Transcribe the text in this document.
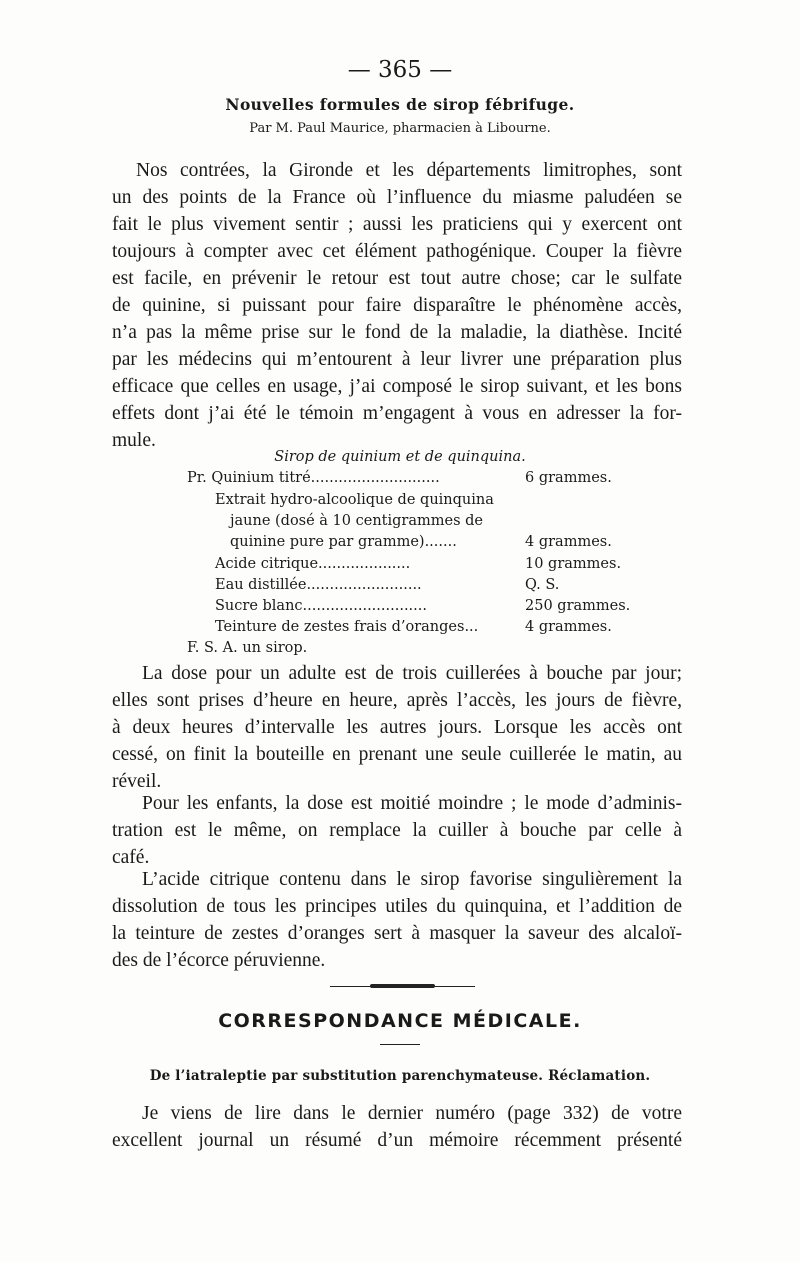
— 365 —
Nouvelles formules de sirop fébrifuge.
Par M. Paul Maurice, pharmacien à Libourne.
Nos contrées, la Gironde et les départements limitrophes, sont
un des points de la France où l’influence du miasme paludéen se
fait le plus vivement sentir ; aussi les praticiens qui y exercent ont
toujours à compter avec cet élément pathogénique. Couper la fièvre
est facile, en prévenir le retour est tout autre chose; car le sulfate
de quinine, si puissant pour faire disparaître le phénomène accès,
n’a pas la même prise sur le fond de la maladie, la diathèse. Incité
par les médecins qui m’entourent à leur livrer une préparation plus
efficace que celles en usage, j’ai composé le sirop suivant, et les bons
effets dont j’ai été le témoin m’engagent à vous en adresser la for-
mule.
Sirop de quinium et de quinquina.
Pr. Quinium titré............................	6 grammes.
Extrait hydro-alcoolique de quinquina
jaune (dosé à 10 centigrammes de
quinine pure par gramme).......	4 grammes.
Acide citrique....................	10 grammes.
Eau distillée.........................	Q. S.
Sucre blanc...........................	250 grammes.
Teinture de zestes frais d’oranges...	4 grammes.
F. S. A. un sirop.
La dose pour un adulte est de trois cuillerées à bouche par jour;
elles sont prises d’heure en heure, après l’accès, les jours de fièvre,
à deux heures d’intervalle les autres jours. Lorsque les accès ont
cessé, on finit la bouteille en prenant une seule cuillerée le matin, au
réveil.
Pour les enfants, la dose est moitié moindre ; le mode d’adminis-
tration est le même, on remplace la cuiller à bouche par celle à
café.
L’acide citrique contenu dans le sirop favorise singulièrement la
dissolution de tous les principes utiles du quinquina, et l’addition de
la teinture de zestes d’oranges sert à masquer la saveur des alcaloï-
des de l’écorce péruvienne.
CORRESPONDANCE MÉDICALE.
De l’iatraleptie par substitution parenchymateuse. Réclamation.
Je viens de lire dans le dernier numéro (page 332) de votre
excellent journal un résumé d’un mémoire récemment présenté
